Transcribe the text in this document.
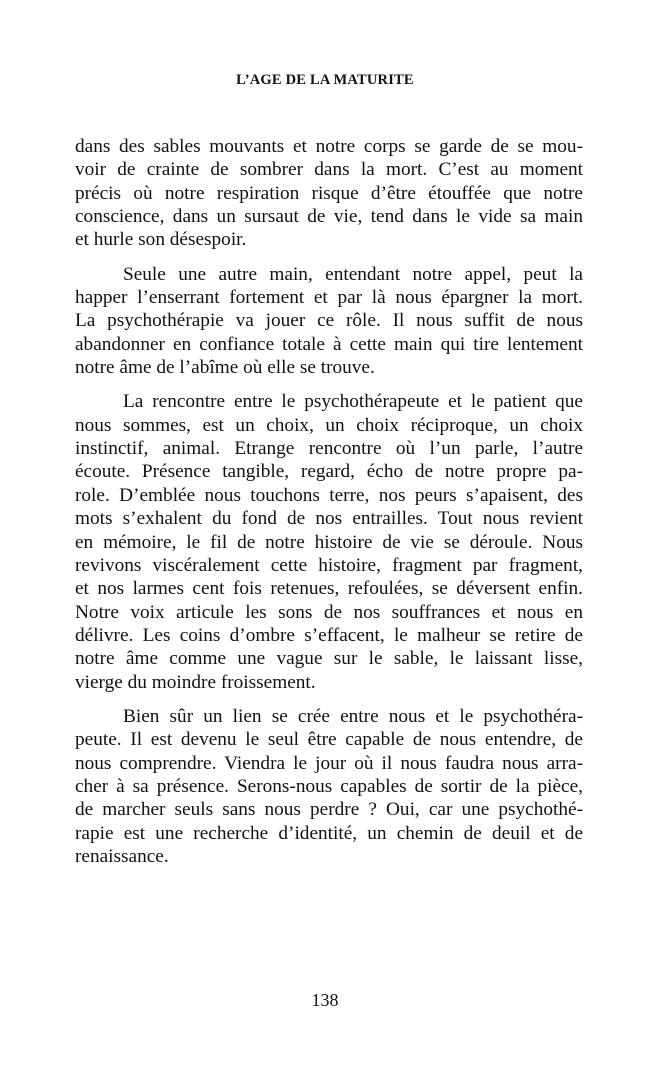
L’AGE DE LA MATURITE
dans des sables mouvants et notre corps se garde de se mou-
voir de crainte de sombrer dans la mort. C’est au moment
précis où notre respiration risque d’être étouffée que notre
conscience, dans un sursaut de vie, tend dans le vide sa main
et hurle son désespoir.
Seule une autre main, entendant notre appel, peut la
happer l’enserrant fortement et par là nous épargner la mort.
La psychothérapie va jouer ce rôle. Il nous suffit de nous
abandonner en confiance totale à cette main qui tire lentement
notre âme de l’abîme où elle se trouve.
La rencontre entre le psychothérapeute et le patient que
nous sommes, est un choix, un choix réciproque, un choix
instinctif, animal. Etrange rencontre où l’un parle, l’autre
écoute. Présence tangible, regard, écho de notre propre pa-
role. D’emblée nous touchons terre, nos peurs s’apaisent, des
mots s’exhalent du fond de nos entrailles. Tout nous revient
en mémoire, le fil de notre histoire de vie se déroule. Nous
revivons viscéralement cette histoire, fragment par fragment,
et nos larmes cent fois retenues, refoulées, se déversent enfin.
Notre voix articule les sons de nos souffrances et nous en
délivre. Les coins d’ombre s’effacent, le malheur se retire de
notre âme comme une vague sur le sable, le laissant lisse,
vierge du moindre froissement.
Bien sûr un lien se crée entre nous et le psychothéra-
peute. Il est devenu le seul être capable de nous entendre, de
nous comprendre. Viendra le jour où il nous faudra nous arra-
cher à sa présence. Serons-nous capables de sortir de la pièce,
de marcher seuls sans nous perdre ? Oui, car une psychothé-
rapie est une recherche d’identité, un chemin de deuil et de
renaissance.
138
